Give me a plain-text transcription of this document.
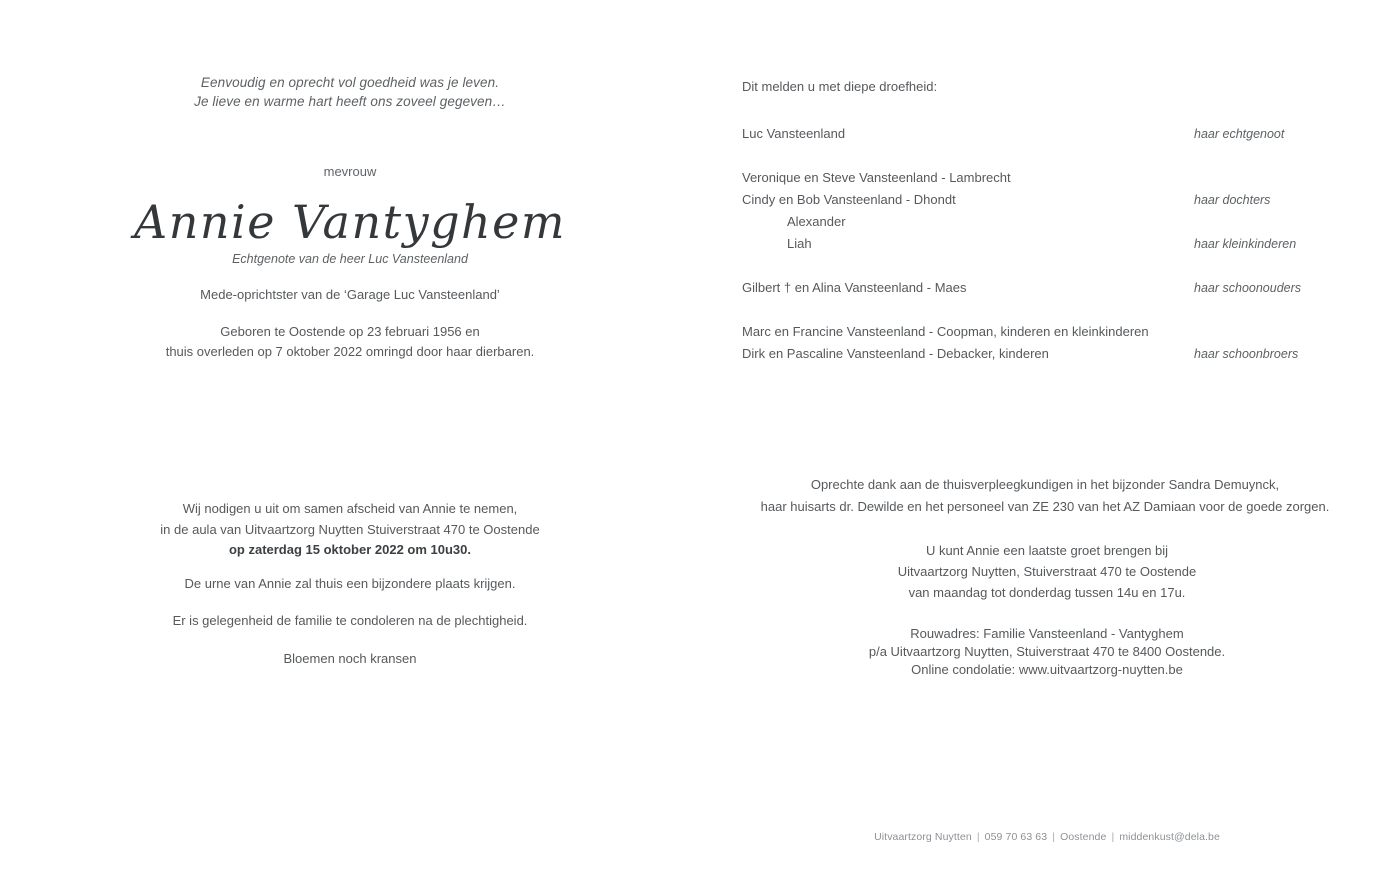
Eenvoudig en oprecht vol goedheid was je leven.
Je lieve en warme hart heeft ons zoveel gegeven…
mevrouw
Annie Vantyghem
Echtgenote van de heer Luc Vansteenland
Mede-oprichtster van de ‘Garage Luc Vansteenland’
Geboren te Oostende op 23 februari 1956 en
thuis overleden op 7 oktober 2022 omringd door haar dierbaren.
Wij nodigen u uit om samen afscheid van Annie te nemen,
in de aula van Uitvaartzorg Nuytten Stuiverstraat 470 te Oostende
op zaterdag 15 oktober 2022 om 10u30.
De urne van Annie zal thuis een bijzondere plaats krijgen.
Er is gelegenheid de familie te condoleren na de plechtigheid.
Bloemen noch kransen
Dit melden u met diepe droefheid:
Luc Vansteenland	haar echtgenoot
Veronique en Steve Vansteenland - Lambrecht
Cindy en Bob Vansteenland - Dhondt	haar dochters
Alexander
Liah	haar kleinkinderen
Gilbert † en Alina Vansteenland - Maes	haar schoonouders
Marc en Francine Vansteenland - Coopman, kinderen en kleinkinderen
Dirk en Pascaline Vansteenland - Debacker, kinderen	haar schoonbroers
Oprechte dank aan de thuisverpleegkundigen in het bijzonder Sandra Demuynck,
haar huisarts dr. Dewilde en het personeel van ZE 230 van het AZ Damiaan voor de goede zorgen.
U kunt Annie een laatste groet brengen bij
Uitvaartzorg Nuytten, Stuiverstraat 470 te Oostende
van maandag tot donderdag tussen 14u en 17u.
Rouwadres: Familie Vansteenland - Vantyghem
p/a Uitvaartzorg Nuytten, Stuiverstraat 470 te 8400 Oostende.
Online condolatie: www.uitvaartzorg-nuytten.be
Uitvaartzorg Nuytten | 059 70 63 63 | Oostende | middenkust@dela.be
